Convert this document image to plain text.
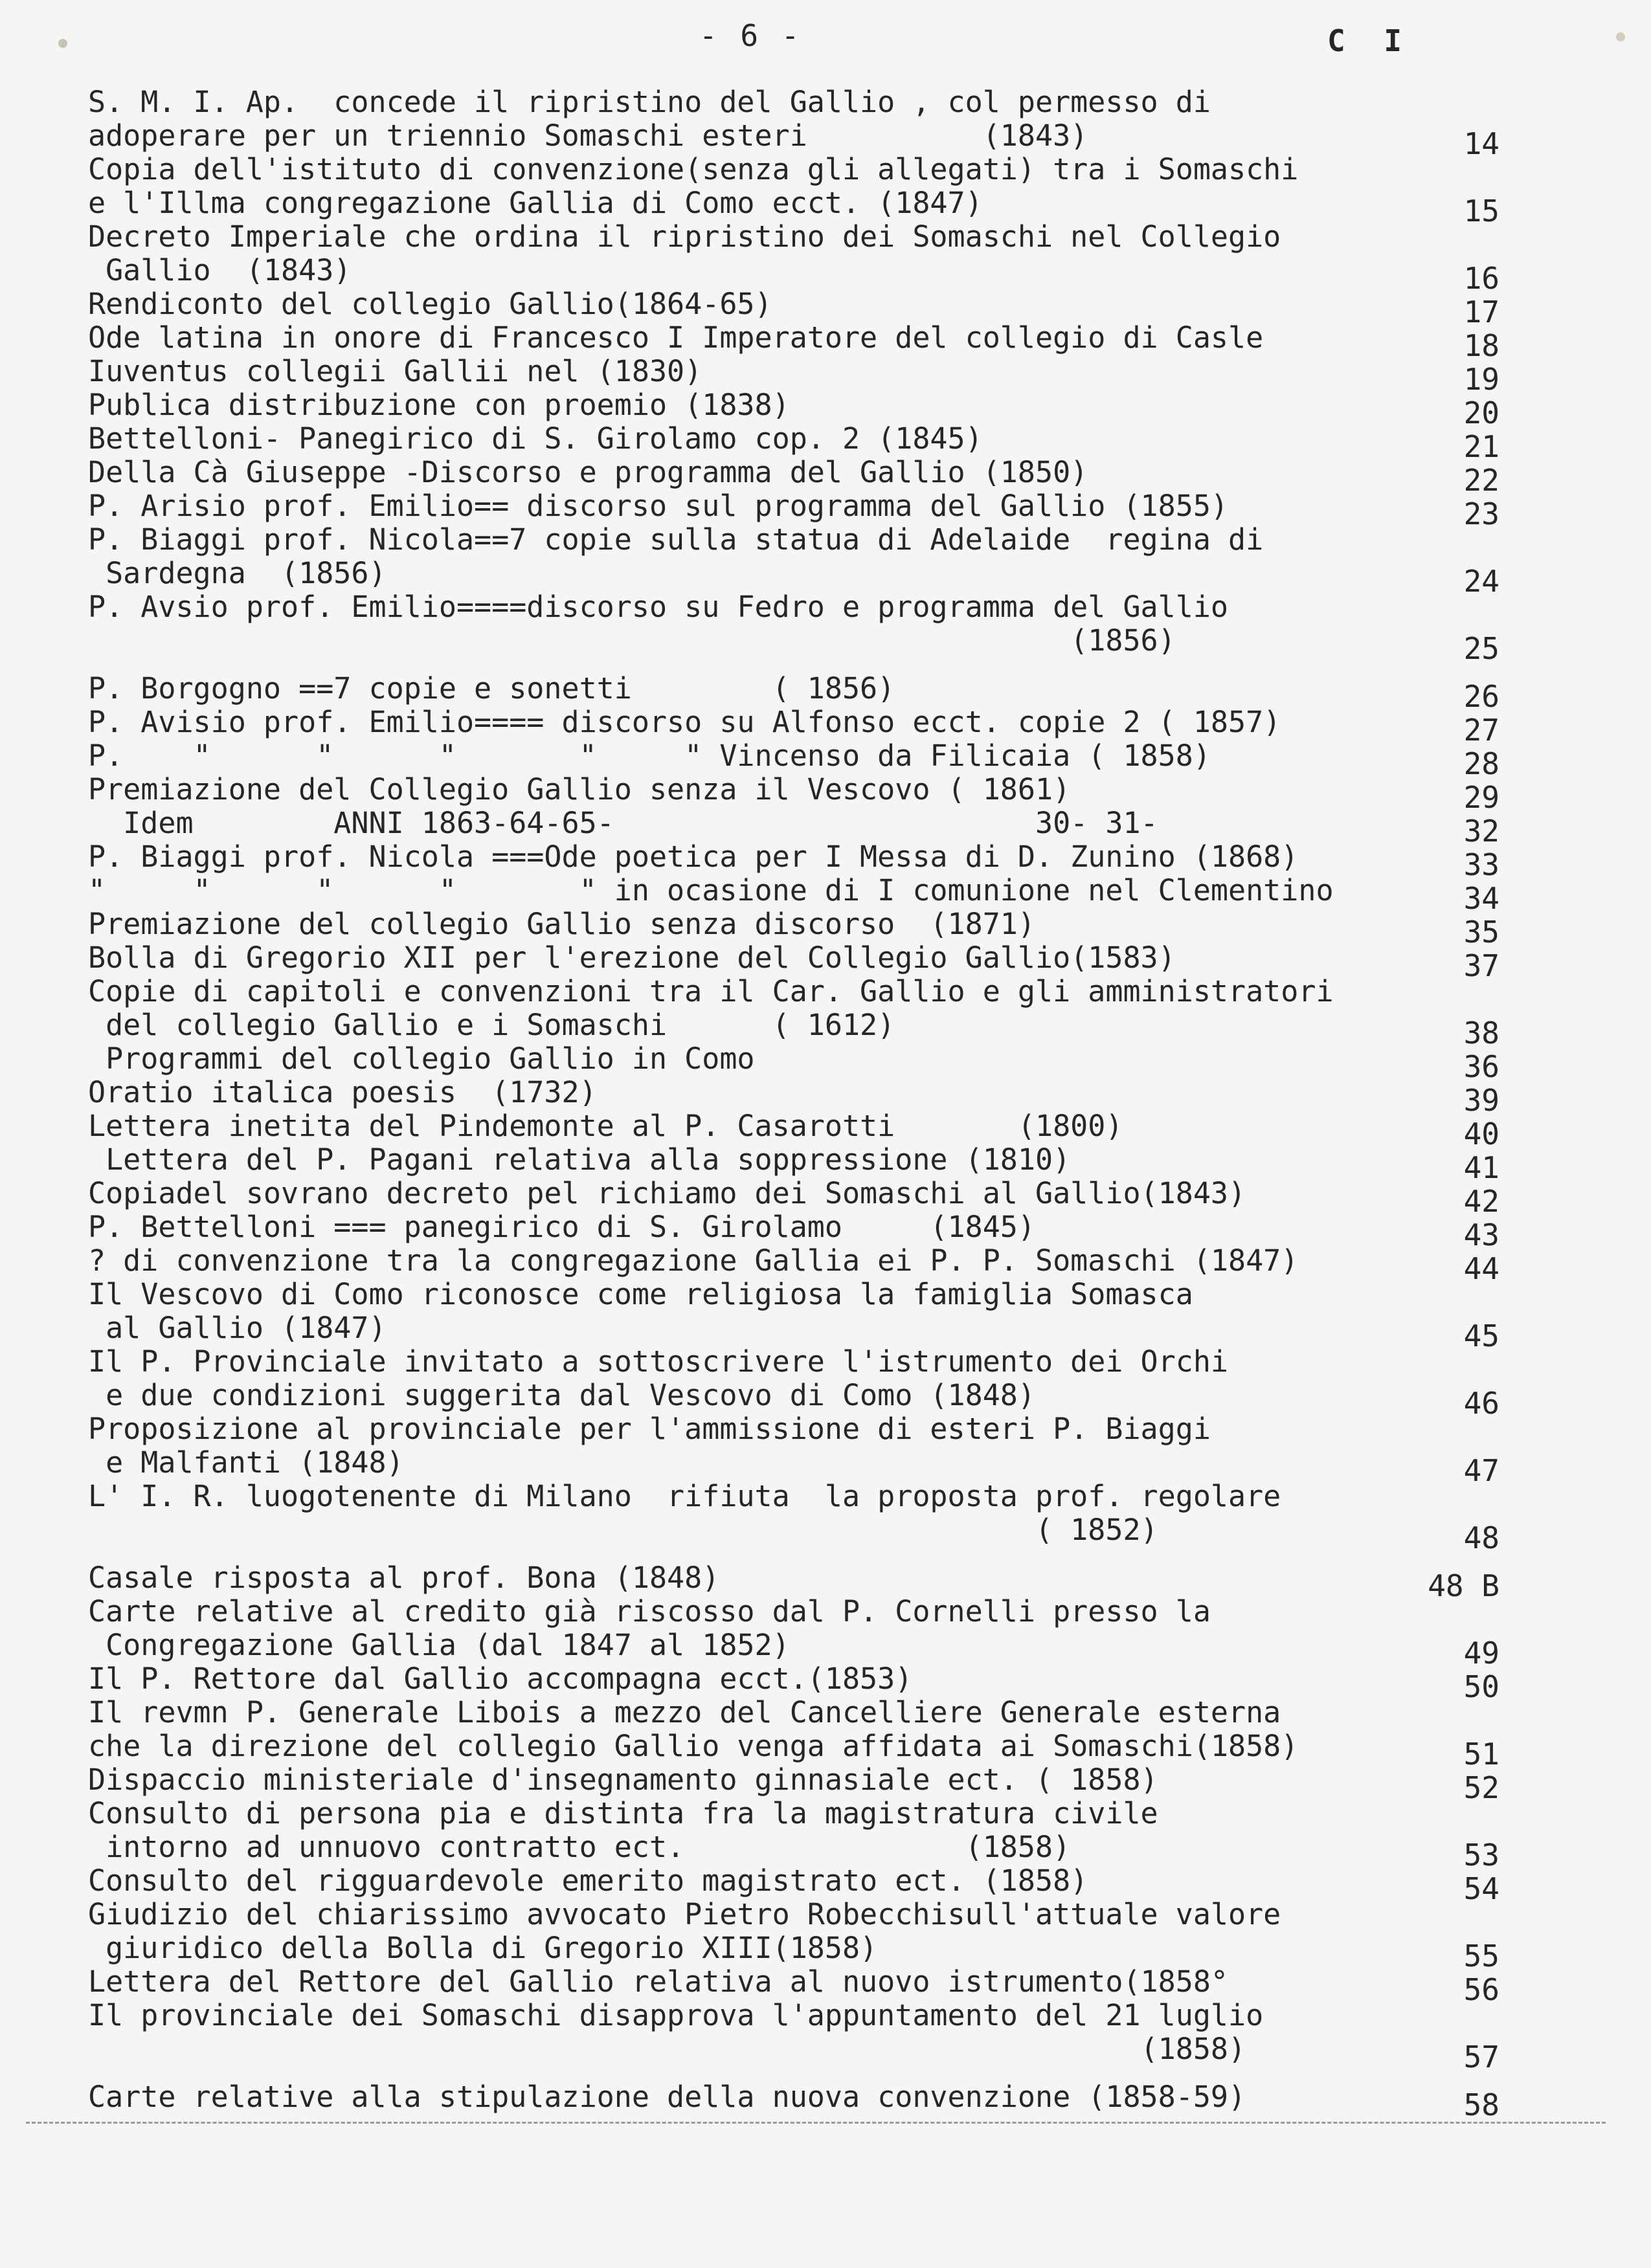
- 6 -	C I
S. M. I. Ap.  concede il ripristino del Gallio , col permesso di
adoperare per un triennio Somaschi esteri          (1843)	14
Copia dell'istituto di convenzione(senza gli allegati) tra i Somaschi
e l'Illma congregazione Gallia di Como ecct. (1847)	15
Decreto Imperiale che ordina il ripristino dei Somaschi nel Collegio
Gallio  (1843)	16
Rendiconto del collegio Gallio(1864-65)	17
Ode latina in onore di Francesco I Imperatore del collegio di Casle	18
Iuventus collegii Gallii nel (1830)	19
Publica distribuzione con proemio (1838)	20
Bettelloni- Panegirico di S. Girolamo cop. 2 (1845)	21
Della Cà Giuseppe -Discorso e programma del Gallio (1850)	22
P. Arisio prof. Emilio== discorso sul programma del Gallio (1855)	23
P. Biaggi prof. Nicola==7 copie sulla statua di Adelaide  regina di
Sardegna  (1856)	24
P. Avsio prof. Emilio====discorso su Fedro e programma del Gallio
(1856)	25
P. Borgogno ==7 copie e sonetti        ( 1856)	26
P. Avisio prof. Emilio==== discorso su Alfonso ecct. copie 2 ( 1857)	27
P.    "      "      "       "     " Vincenso da Filicaia ( 1858)	28
Premiazione del Collegio Gallio senza il Vescovo ( 1861)	29
Idem        ANNI 1863-64-65-                        30- 31-	32
P. Biaggi prof. Nicola ===Ode poetica per I Messa di D. Zunino (1868)	33
"     "      "      "       " in ocasione di I comunione nel Clementino	34
Premiazione del collegio Gallio senza discorso  (1871)	35
Bolla di Gregorio XII per l'erezione del Collegio Gallio(1583)	37
Copie di capitoli e convenzioni tra il Car. Gallio e gli amministratori
del collegio Gallio e i Somaschi      ( 1612)	38
Programmi del collegio Gallio in Como	36
Oratio italica poesis  (1732)	39
Lettera inetita del Pindemonte al P. Casarotti       (1800)	40
Lettera del P. Pagani relativa alla soppressione (1810)	41
Copiadel sovrano decreto pel richiamo dei Somaschi al Gallio(1843)	42
P. Bettelloni === panegirico di S. Girolamo     (1845)	43
? di convenzione tra la congregazione Gallia ei P. P. Somaschi (1847)	44
Il Vescovo di Como riconosce come religiosa la famiglia Somasca
al Gallio (1847)	45
Il P. Provinciale invitato a sottoscrivere l'istrumento dei Orchi
e due condizioni suggerita dal Vescovo di Como (1848)	46
Proposizione al provinciale per l'ammissione di esteri P. Biaggi
e Malfanti (1848)	47
L' I. R. luogotenente di Milano  rifiuta  la proposta prof. regolare
( 1852)	48
Casale risposta al prof. Bona (1848)	48 B
Carte relative al credito già riscosso dal P. Cornelli presso la
Congregazione Gallia (dal 1847 al 1852)	49
Il P. Rettore dal Gallio accompagna ecct.(1853)	50
Il revmn P. Generale Libois a mezzo del Cancelliere Generale esterna
che la direzione del collegio Gallio venga affidata ai Somaschi(1858)	51
Dispaccio ministeriale d'insegnamento ginnasiale ect. ( 1858)	52
Consulto di persona pia e distinta fra la magistratura civile
intorno ad unnuovo contratto ect.                (1858)	53
Consulto del rigguardevole emerito magistrato ect. (1858)	54
Giudizio del chiarissimo avvocato Pietro Robecchisull'attuale valore
giuridico della Bolla di Gregorio XIII(1858)	55
Lettera del Rettore del Gallio relativa al nuovo istrumento(1858°	56
Il provinciale dei Somaschi disapprova l'appuntamento del 21 luglio
(1858)	57
Carte relative alla stipulazione della nuova convenzione (1858-59)	58
